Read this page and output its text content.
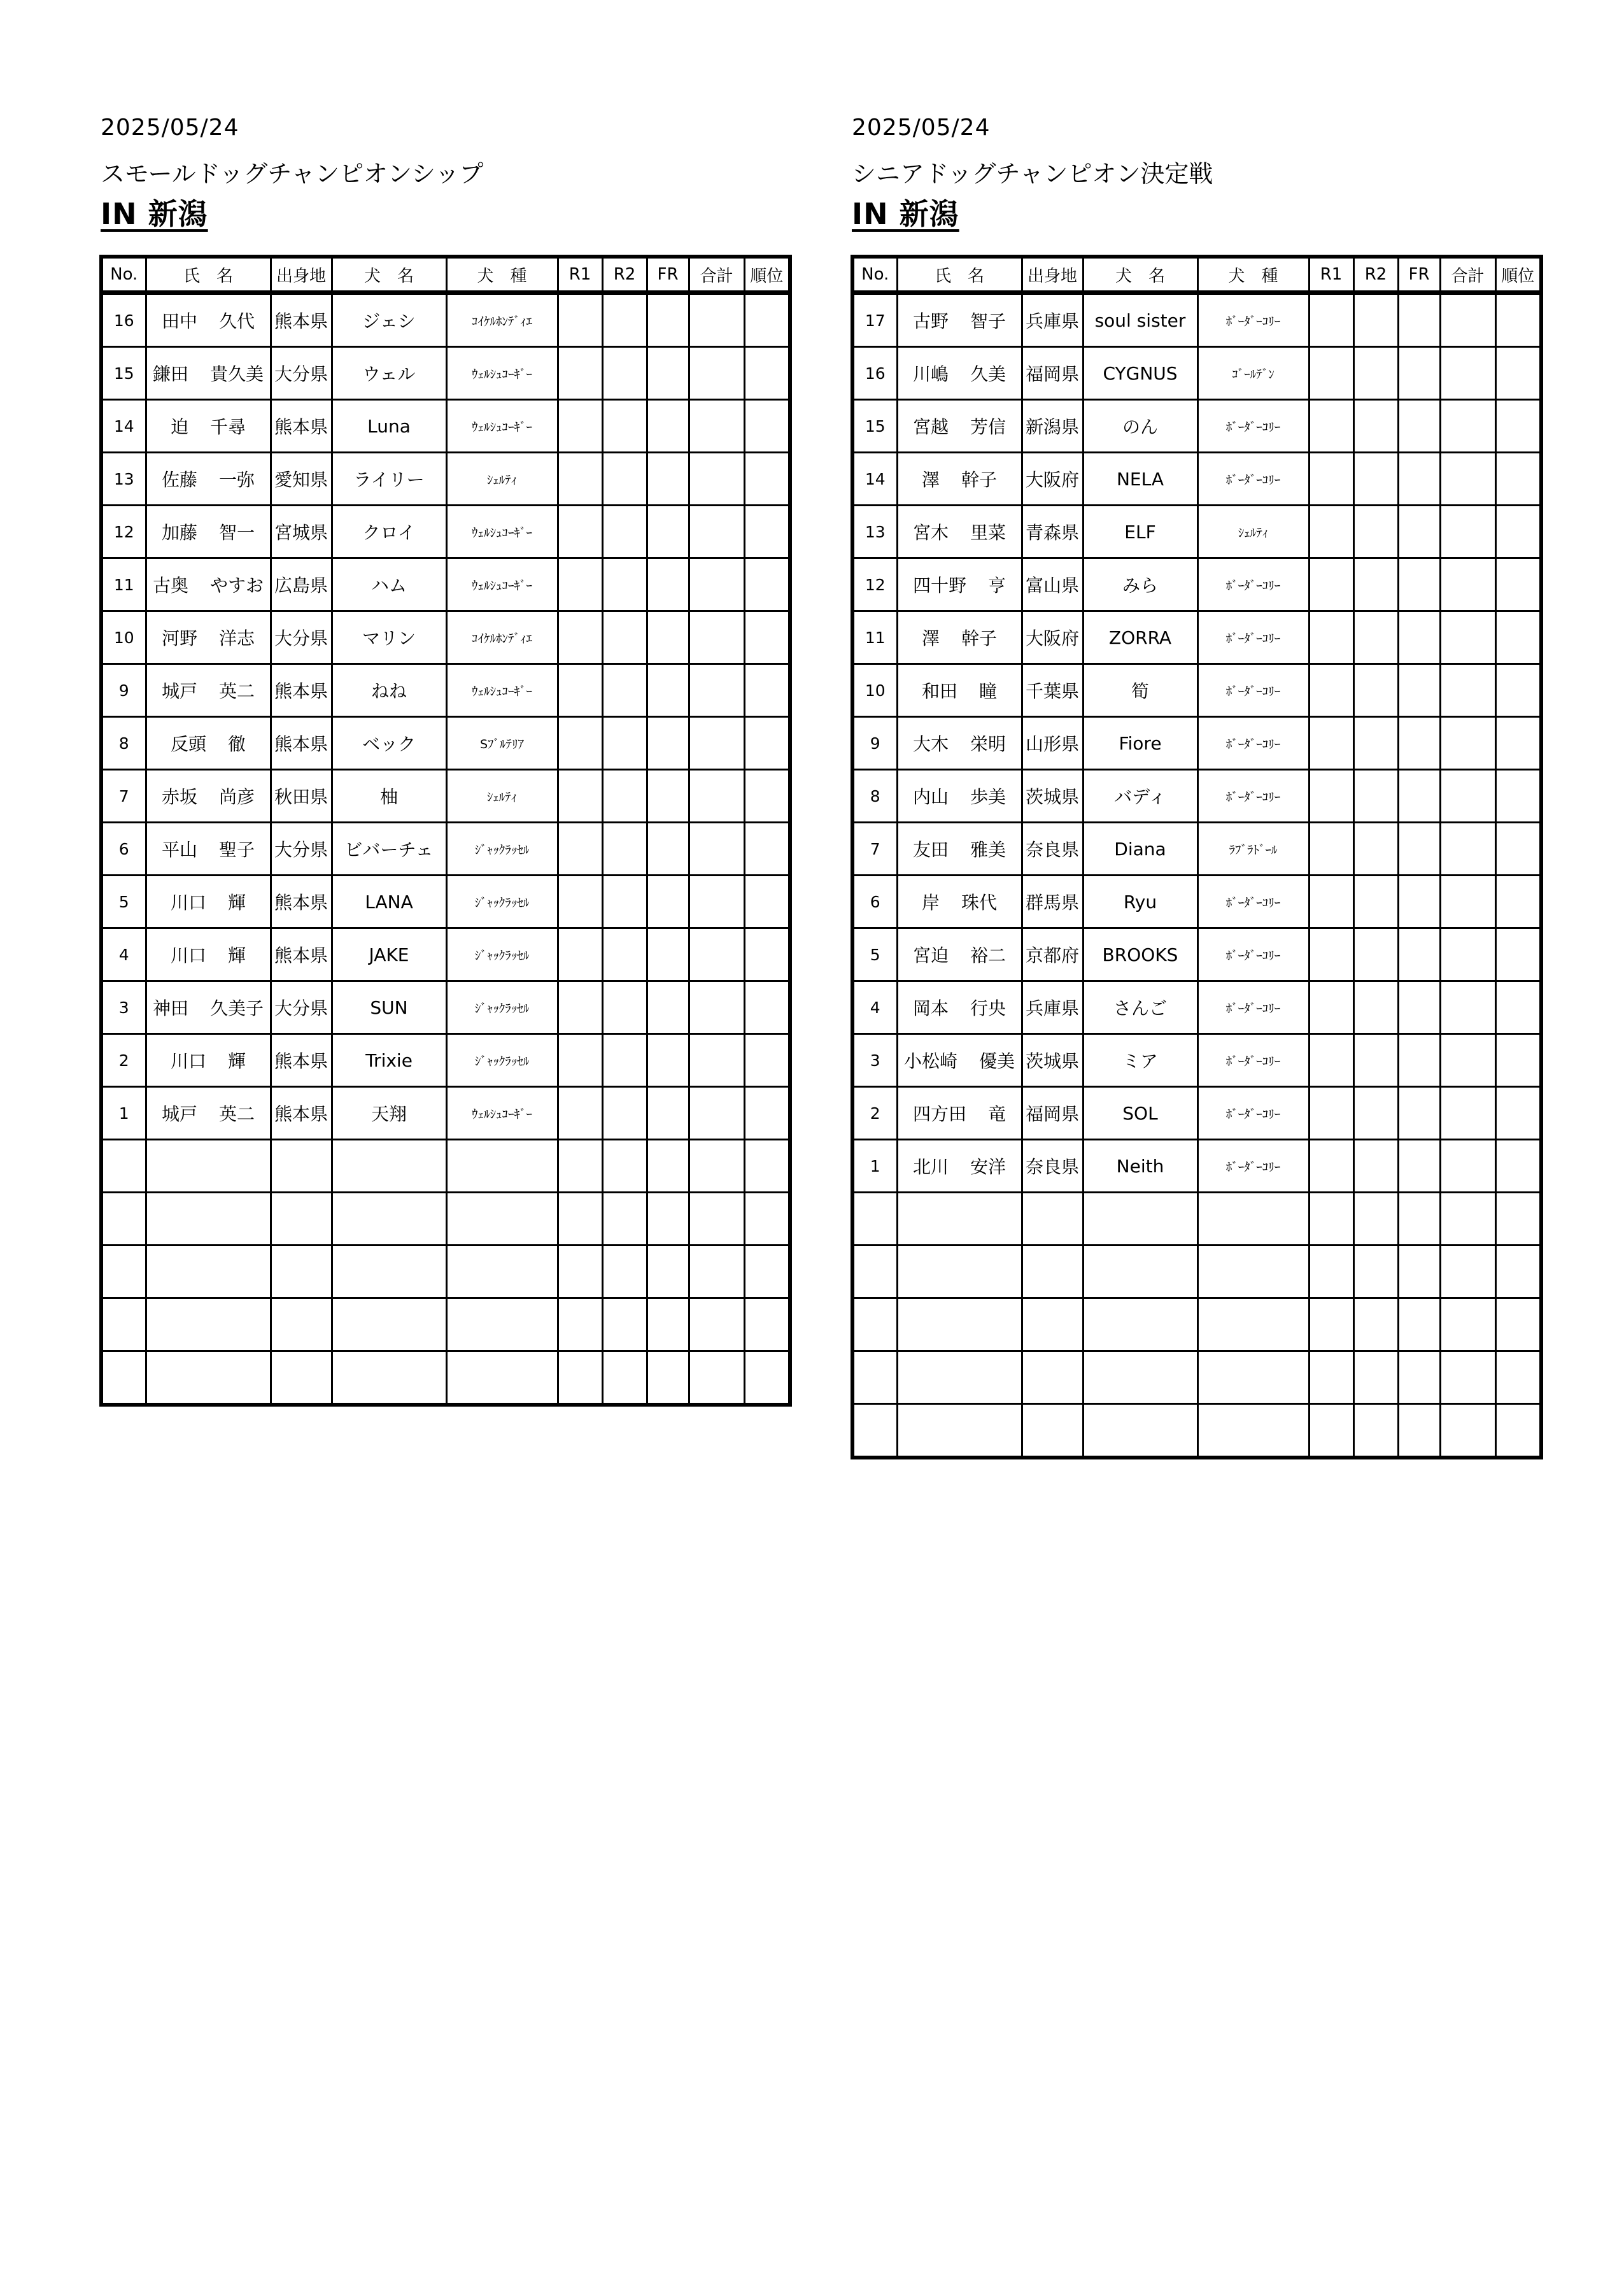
2025/05/24
スモールドッグチャンピオンシップ
IN 新潟
No.	氏　名	出身地	犬　名	犬　種	R1	R2	FR	合計	順位
16	田中 久代	熊本県	ジェシ	ｺｲｹﾙﾎﾝﾃﾞｨｴ					
15	鎌田 貴久美	大分県	ウェル	ｳｪﾙｼｭｺｰｷﾞｰ					
14	迫 千尋	熊本県	Luna	ｳｪﾙｼｭｺｰｷﾞｰ					
13	佐藤 一弥	愛知県	ライリー	ｼｪﾙﾃｨ					
12	加藤 智一	宮城県	クロイ	ｳｪﾙｼｭｺｰｷﾞｰ					
11	古奥 やすお	広島県	ハム	ｳｪﾙｼｭｺｰｷﾞｰ					
10	河野 洋志	大分県	マリン	ｺｲｹﾙﾎﾝﾃﾞｨｴ					
9	城戸 英二	熊本県	ねね	ｳｪﾙｼｭｺｰｷﾞｰ					
8	反頭 徹	熊本県	ベック	Sﾌﾞﾙﾃﾘｱ					
7	赤坂 尚彦	秋田県	柚	ｼｪﾙﾃｨ					
6	平山 聖子	大分県	ビバーチェ	ｼﾞｬｯｸﾗｯｾﾙ					
5	川口 輝	熊本県	LANA	ｼﾞｬｯｸﾗｯｾﾙ					
4	川口 輝	熊本県	JAKE	ｼﾞｬｯｸﾗｯｾﾙ					
3	神田 久美子	大分県	SUN	ｼﾞｬｯｸﾗｯｾﾙ					
2	川口 輝	熊本県	Trixie	ｼﾞｬｯｸﾗｯｾﾙ					
1	城戸 英二	熊本県	天翔	ｳｪﾙｼｭｺｰｷﾞｰ					

2025/05/24
シニアドッグチャンピオン決定戦
IN 新潟
No.	氏　名	出身地	犬　名	犬　種	R1	R2	FR	合計	順位
17	古野 智子	兵庫県	soul sister	ﾎﾞｰﾀﾞｰｺﾘｰ					
16	川嶋 久美	福岡県	CYGNUS	ｺﾞｰﾙﾃﾞﾝ					
15	宮越 芳信	新潟県	のん	ﾎﾞｰﾀﾞｰｺﾘｰ					
14	澤 幹子	大阪府	NELA	ﾎﾞｰﾀﾞｰｺﾘｰ					
13	宮木 里菜	青森県	ELF	ｼｪﾙﾃｨ					
12	四十野 亨	富山県	みら	ﾎﾞｰﾀﾞｰｺﾘｰ					
11	澤 幹子	大阪府	ZORRA	ﾎﾞｰﾀﾞｰｺﾘｰ					
10	和田 瞳	千葉県	筍	ﾎﾞｰﾀﾞｰｺﾘｰ					
9	大木 栄明	山形県	Fiore	ﾎﾞｰﾀﾞｰｺﾘｰ					
8	内山 歩美	茨城県	バディ	ﾎﾞｰﾀﾞｰｺﾘｰ					
7	友田 雅美	奈良県	Diana	ﾗﾌﾞﾗﾄﾞｰﾙ					
6	岸 珠代	群馬県	Ryu	ﾎﾞｰﾀﾞｰｺﾘｰ					
5	宮迫 裕二	京都府	BROOKS	ﾎﾞｰﾀﾞｰｺﾘｰ					
4	岡本 行央	兵庫県	さんご	ﾎﾞｰﾀﾞｰｺﾘｰ					
3	小松崎 優美	茨城県	ミア	ﾎﾞｰﾀﾞｰｺﾘｰ					
2	四方田 竜	福岡県	SOL	ﾎﾞｰﾀﾞｰｺﾘｰ					
1	北川 安洋	奈良県	Neith	ﾎﾞｰﾀﾞｰｺﾘｰ					
